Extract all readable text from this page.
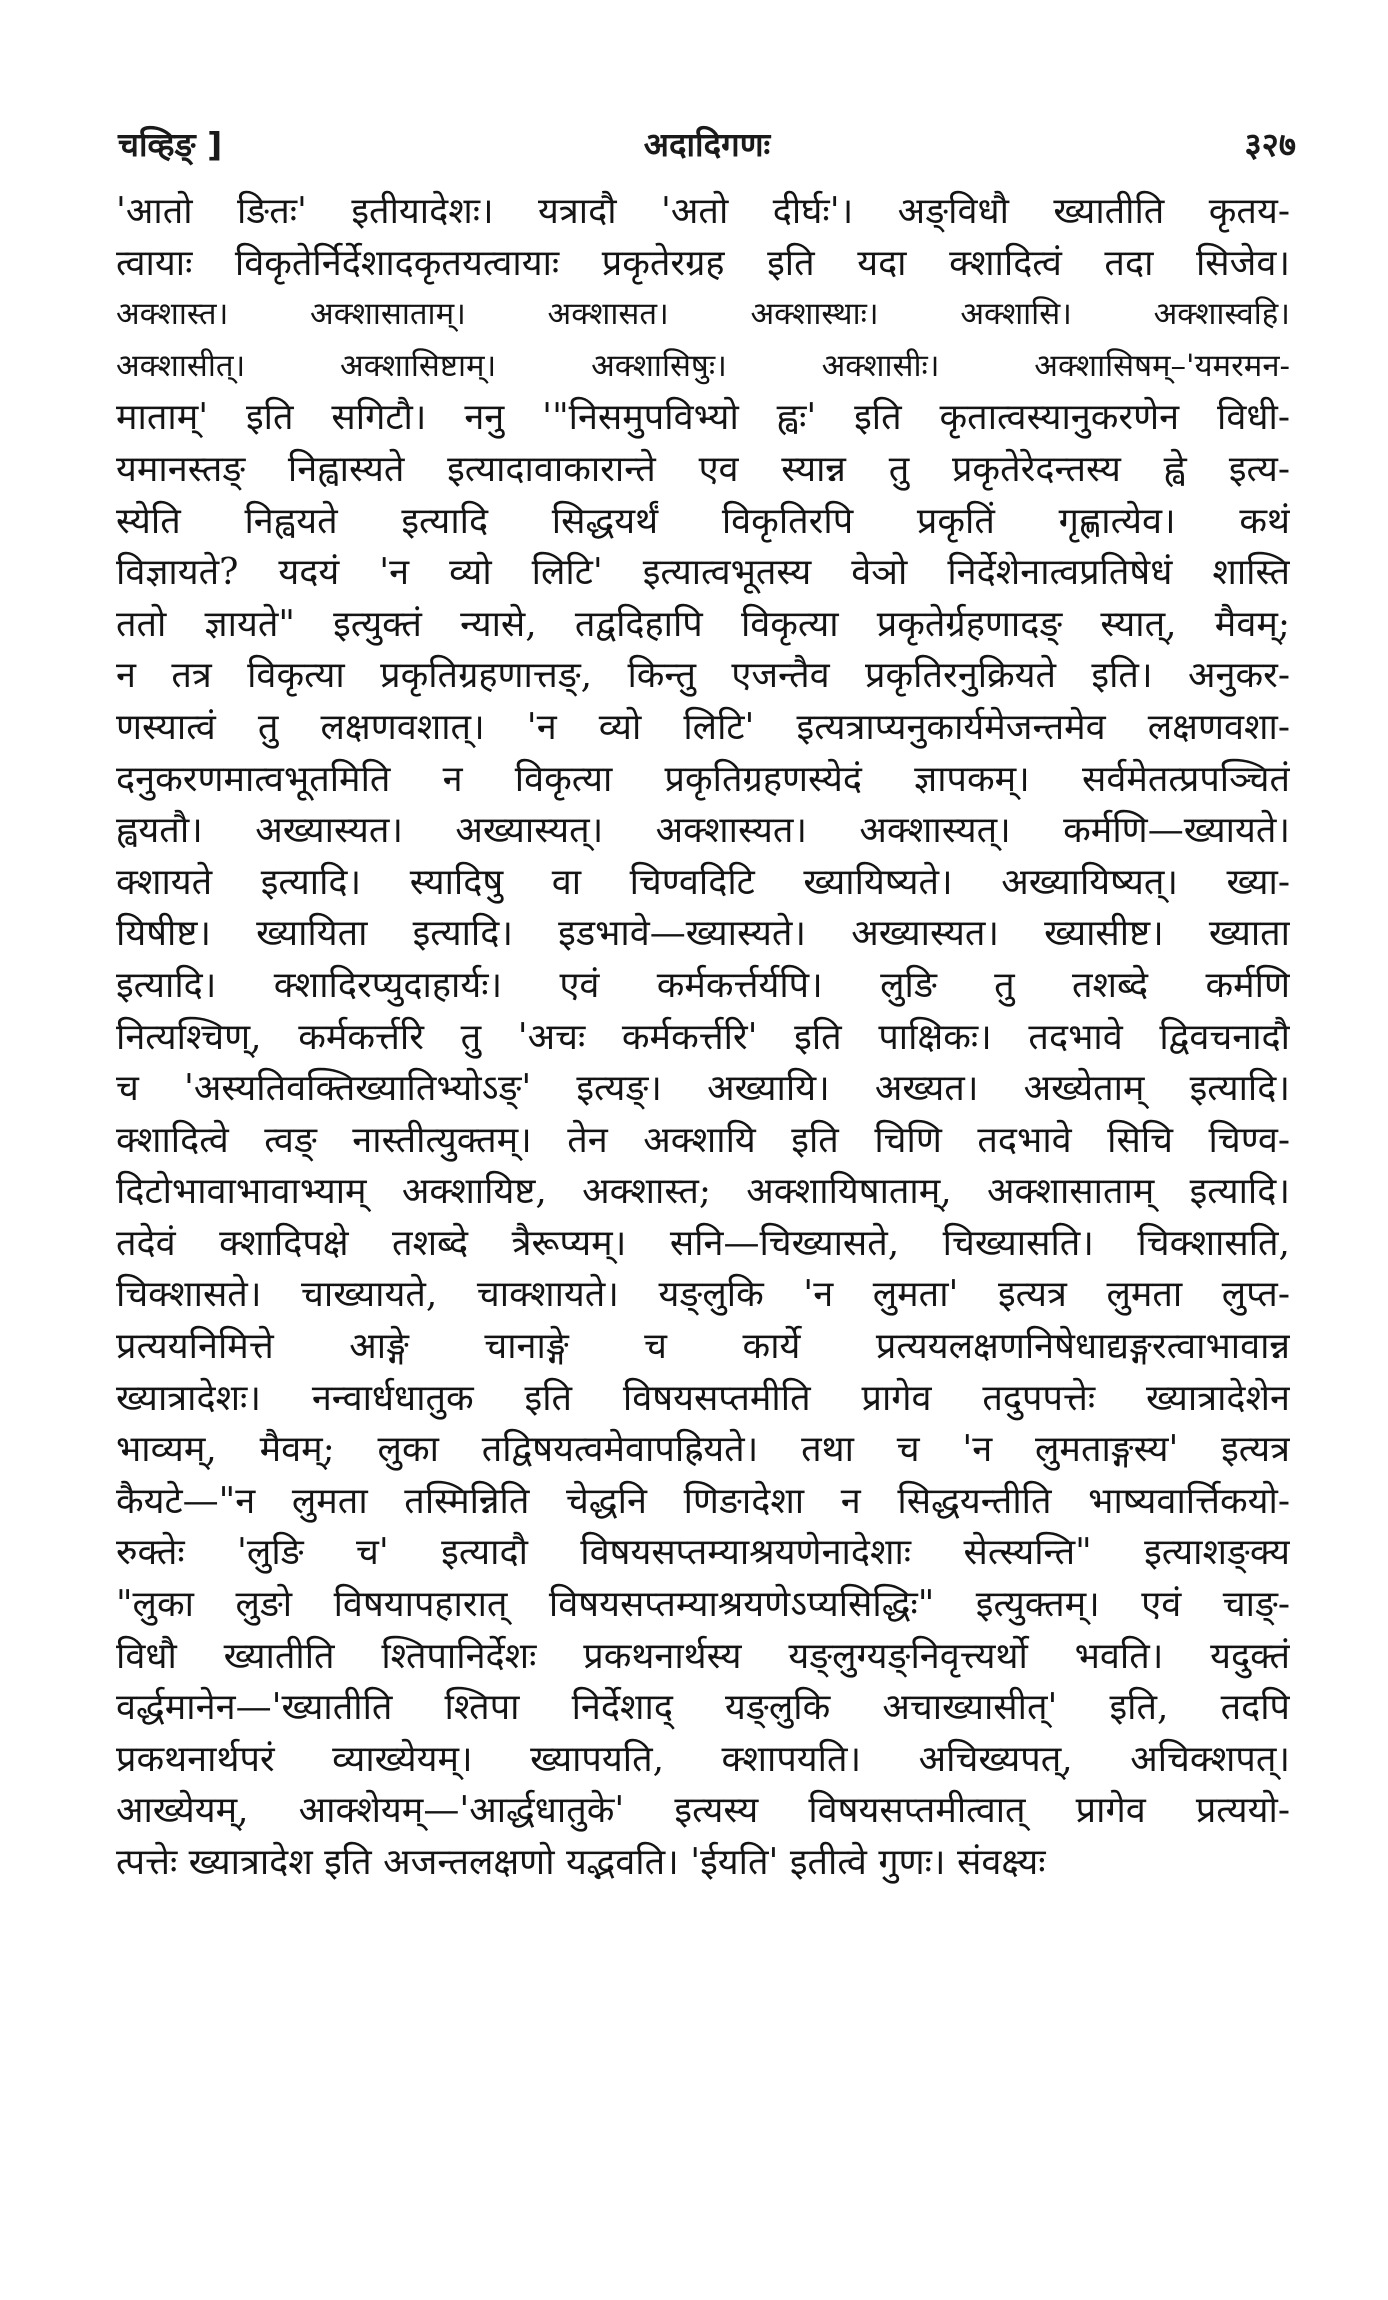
चव्हिङ् ]	अदादिगणः	३२७
'आतो ङितः' इतीयादेशः। यत्रादौ 'अतो दीर्घः'। अङ्विधौ ख्यातीति कृतय-
त्वायाः विकृतेर्निर्देशादकृतयत्वायाः प्रकृतेरग्रह इति यदा क्शादित्वं तदा सिजेव।
अक्शास्त। अक्शासाताम्। अक्शासत। अक्शास्थाः। अक्शासि। अक्शास्वहि।
अक्शासीत्। अक्शासिष्टाम्। अक्शासिषुः। अक्शासीः। अक्शासिषम्–'यमरमन-
माताम्' इति सगिटौ। ननु '"निसमुपविभ्यो ह्वः' इति कृतात्वस्यानुकरणेन विधी-
यमानस्तङ् निह्वास्यते इत्यादावाकारान्ते एव स्यान्न तु प्रकृतेरेदन्तस्य ह्वे इत्य-
स्येति निह्वयते इत्यादि सिद्धयर्थं विकृतिरपि प्रकृतिं गृह्णात्येव। कथं
विज्ञायते? यदयं 'न व्यो लिटि' इत्यात्वभूतस्य वेञो निर्देशेनात्वप्रतिषेधं शास्ति
ततो ज्ञायते" इत्युक्तं न्यासे, तद्वदिहापि विकृत्या प्रकृतेर्ग्रहणादङ् स्यात्, मैवम्;
न तत्र विकृत्या प्रकृतिग्रहणात्तङ्, किन्तु एजन्तैव प्रकृतिरनुक्रियते इति। अनुकर-
णस्यात्वं तु लक्षणवशात्। 'न व्यो लिटि' इत्यत्राप्यनुकार्यमेजन्तमेव लक्षणवशा-
दनुकरणमात्वभूतमिति न विकृत्या प्रकृतिग्रहणस्येदं ज्ञापकम्। सर्वमेतत्प्रपञ्चितं
ह्वयतौ। अख्यास्यत। अख्यास्यत्। अक्शास्यत। अक्शास्यत्। कर्मणि—ख्यायते।
क्शायते इत्यादि। स्यादिषु वा चिण्वदिटि ख्यायिष्यते। अख्यायिष्यत्। ख्या-
यिषीष्ट। ख्यायिता इत्यादि। इडभावे—ख्यास्यते। अख्यास्यत। ख्यासीष्ट। ख्याता
इत्यादि। क्शादिरप्युदाहार्यः। एवं कर्मकर्त्तर्यपि। लुङि तु तशब्दे कर्मणि
नित्यश्चिण्, कर्मकर्त्तरि तु 'अचः कर्मकर्त्तरि' इति पाक्षिकः। तदभावे द्विवचनादौ
च 'अस्यतिवक्तिख्यातिभ्योऽङ्' इत्यङ्। अख्यायि। अख्यत। अख्येताम् इत्यादि।
क्शादित्वे त्वङ् नास्तीत्युक्तम्। तेन अक्शायि इति चिणि तदभावे सिचि चिण्व-
दिटोभावाभावाभ्याम् अक्शायिष्ट, अक्शास्त; अक्शायिषाताम्, अक्शासाताम् इत्यादि।
तदेवं क्शादिपक्षे तशब्दे त्रैरूप्यम्। सनि—चिख्यासते, चिख्यासति। चिक्शासति,
चिक्शासते। चाख्यायते, चाक्शायते। यङ्लुकि 'न लुमता' इत्यत्र लुमता लुप्त-
प्रत्ययनिमित्ते आङ्गे चानाङ्गे च कार्ये प्रत्ययलक्षणनिषेधाद्यङ्गरत्वाभावान्न
ख्यात्रादेशः। नन्वार्धधातुक इति विषयसप्तमीति प्रागेव तदुपपत्तेः ख्यात्रादेशेन
भाव्यम्, मैवम्; लुका तद्विषयत्वमेवापह्रियते। तथा च 'न लुमताङ्गस्य' इत्यत्र
कैयटे—"न लुमता तस्मिन्निति चेद्धनि णिङादेशा न सिद्धयन्तीति भाष्यवार्त्तिकयो-
रुक्तेः 'लुङि च' इत्यादौ विषयसप्तम्याश्रयणेनादेशाः सेत्स्यन्ति" इत्याशङ्क्य
"लुका लुङो विषयापहारात् विषयसप्तम्याश्रयणेऽप्यसिद्धिः" इत्युक्तम्। एवं चाङ्-
विधौ ख्यातीति श्तिपानिर्देशः प्रकथनार्थस्य यङ्लुग्यङ्निवृत्त्यर्थो भवति। यदुक्तं
वर्द्धमानेन—'ख्यातीति श्तिपा निर्देशाद् यङ्लुकि अचाख्यासीत्' इति, तदपि
प्रकथनार्थपरं व्याख्येयम्। ख्यापयति, क्शापयति। अचिख्यपत्, अचिक्शपत्।
आख्येयम्, आक्शेयम्—'आर्द्धधातुके' इत्यस्य विषयसप्तमीत्वात् प्रागेव प्रत्ययो-
त्पत्तेः ख्यात्रादेश इति अजन्तलक्षणो यद्भवति। 'ईयति' इतीत्वे गुणः। संवक्ष्यः
